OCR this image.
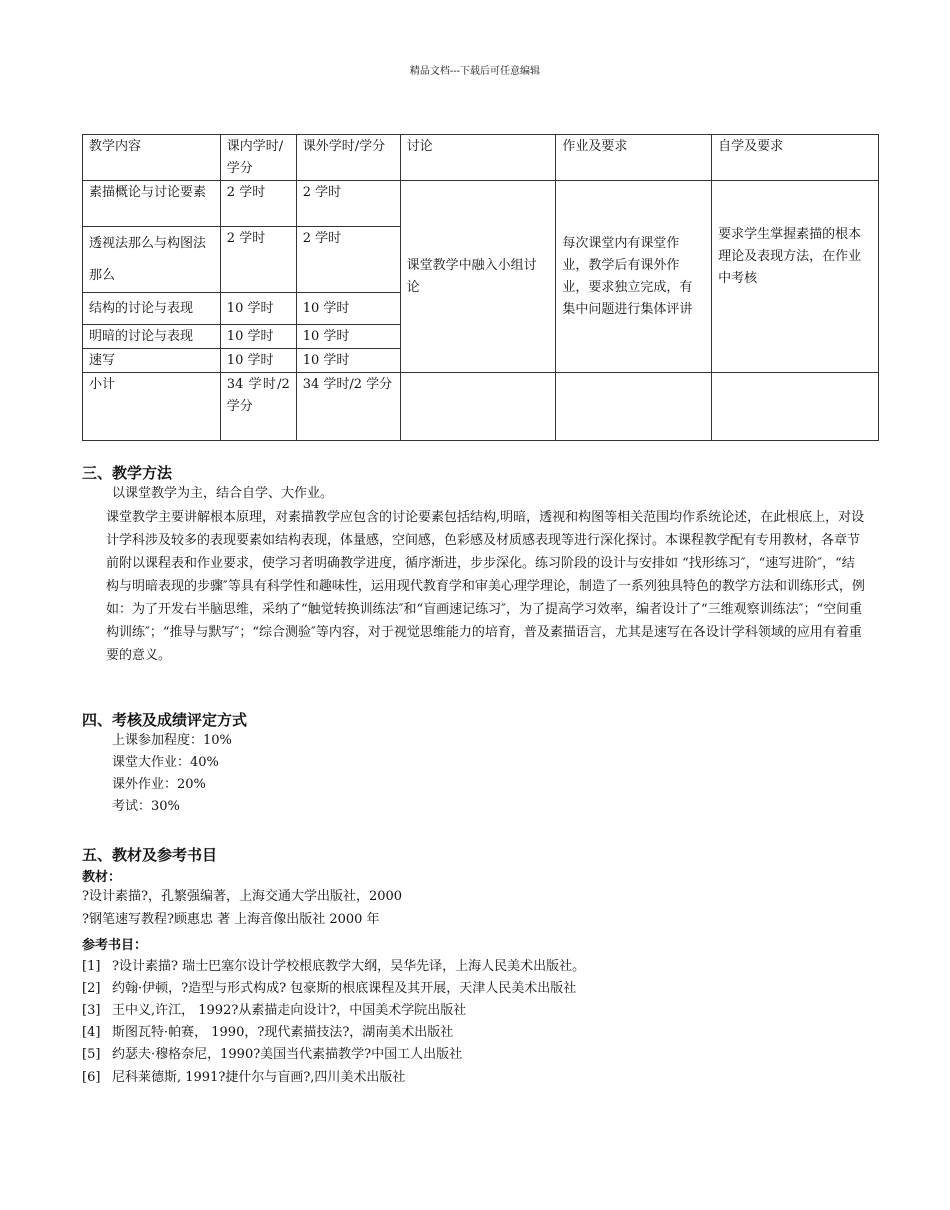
精品文档---下载后可任意编辑
教学内容	课内学时/学分	课外学时/学分	讨论	作业及要求	自学及要求
素描概论与讨论要素	2 学时	2 学时	课堂教学中融入小组讨论	每次课堂内有课堂作业，教学后有课外作业，要求独立完成，有集中问题进行集体评讲	要求学生掌握素描的根本理论及表现方法，在作业中考核
透视法那么与构图法那么	2 学时	2 学时			
结构的讨论与表现	10 学时	10 学时			
明暗的讨论与表现	10 学时	10 学时			
速写	10 学时	10 学时			
小计	34 学时/2 学分	34 学时/2 学分			
三、教学方法

以课堂教学为主，结合自学、大作业。

课堂教学主要讲解根本原理，对素描教学应包含的讨论要素包括结构,明暗，透视和构图等相关范围均作系统论述，在此根底上，对设计学科涉及较多的表现要素如结构表现，体量感，空间感，色彩感及材质感表现等进行深化探讨。本课程教学配有专用教材，各章节前附以课程表和作业要求，使学习者明确教学进度，循序渐进，步步深化。练习阶段的设计与安排如 “找形练习″，“速写进阶″，“结构与明暗表现的步骤″等具有科学性和趣味性，运用现代教育学和审美心理学理论，制造了一系列独具特色的教学方法和训练形式，例如：为了开发右半脑思维，采纳了“触觉转换训练法″和“盲画速记练习″，为了提高学习效率，编者设计了“三维观察训练法″；“空间重构训练″；“推导与默写″；“综合测验″等内容，对于视觉思维能力的培育，普及素描语言，尤其是速写在各设计学科领域的应用有着重要的意义。

四、考核及成绩评定方式

上课参加程度：10%

课堂大作业：40%

课外作业：20%

考试：30%

五、教材及参考书目

教材：

?设计素描?，孔繁强编著，上海交通大学出版社，2000

?钢笔速写教程?顾惠忠 著 上海音像出版社 2000 年

参考书目：

[1] ?设计素描? 瑞士巴塞尔设计学校根底教学大纲，吴华先译，上海人民美术出版社。
[2] 约翰·伊顿，?造型与形式构成? 包豪斯的根底课程及其开展，天津人民美术出版社
[3] 王中义,许江， 1992?从素描走向设计?，中国美术学院出版社
[4] 斯图瓦特·帕赛， 1990，?现代素描技法?，湖南美术出版社
[5] 约瑟夫·穆格奈尼，1990?美国当代素描教学?中国工人出版社
[6] 尼科莱德斯, 1991?捷什尔与盲画?,四川美术出版社
